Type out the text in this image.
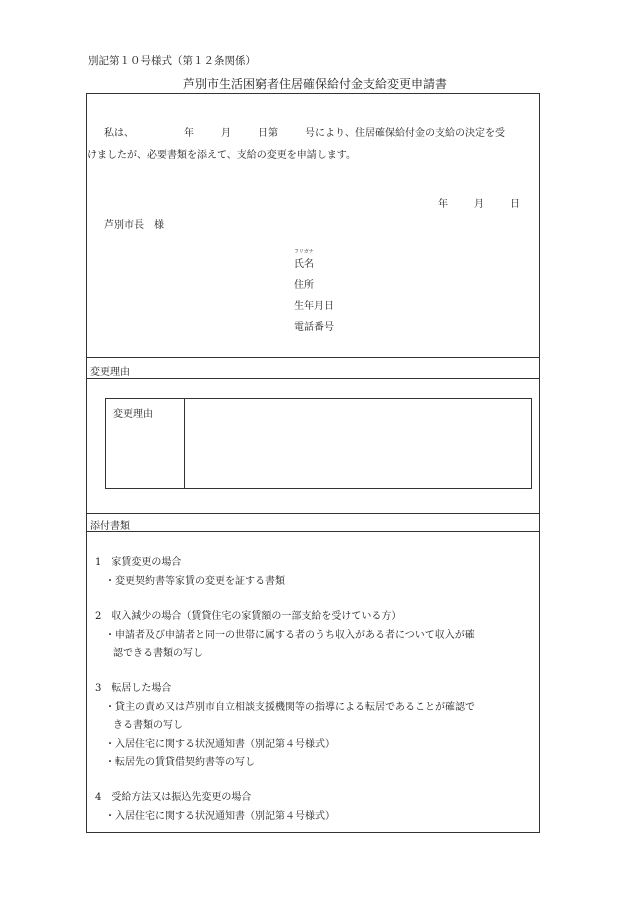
別記第１０号様式（第１２条関係）
芦別市生活困窮者住居確保給付金支給変更申請書
私は、	年	月	日第	号により、住居確保給付金の支給の決定を受
けましたが、必要書類を添えて、支給の変更を申請します。
年	月	日
芦別市長　様
フリガナ
氏名
住所
生年月日
電話番号
変更理由
変更理由
添付書類
1　家賃変更の場合
・変更契約書等家賃の変更を証する書類
2　収入減少の場合（賃貸住宅の家賃額の一部支給を受けている方）
・申請者及び申請者と同一の世帯に属する者のうち収入がある者について収入が確
認できる書類の写し
3　転居した場合
・貸主の責め又は芦別市自立相談支援機関等の指導による転居であることが確認で
きる書類の写し
・入居住宅に関する状況通知書（別記第４号様式）
・転居先の賃貸借契約書等の写し
4　受給方法又は振込先変更の場合
・入居住宅に関する状況通知書（別記第４号様式）
